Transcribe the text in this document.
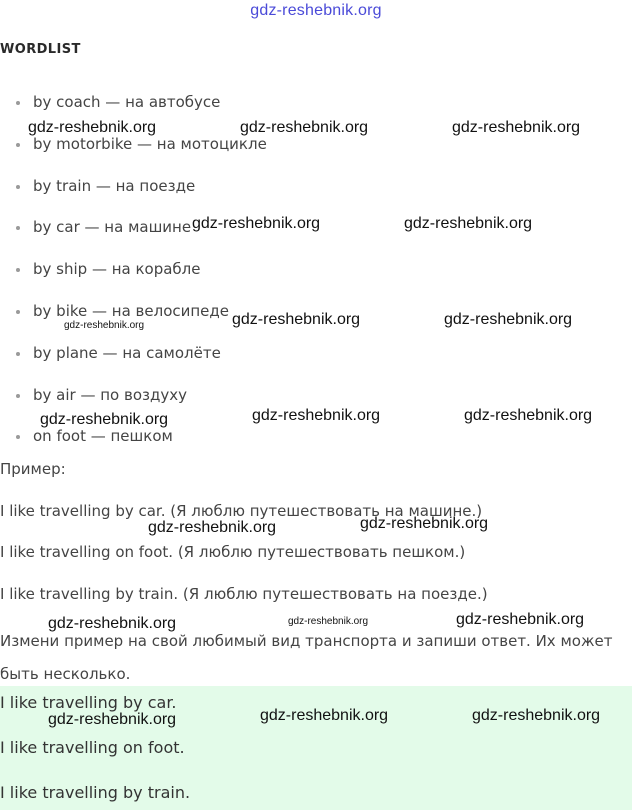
gdz-reshebnik.org
WORDLIST
by coach — на автобусе
by motorbike — на мотоцикле
by train — на поезде
by car — на машине
by ship — на корабле
by bike — на велосипеде
by plane — на самолёте
by air — по воздуху
on foot — пешком

Пример:

I like travelling by car. (Я люблю путешествовать на машине.)

I like travelling on foot. (Я люблю путешествовать пешком.)

I like travelling by train. (Я люблю путешествовать на поезде.)

Измени пример на свой любимый вид транспорта и запиши ответ. Их может быть несколько.

I like travelling by car.

I like travelling on foot.

I like travelling by train.

gdz-reshebnik.org	gdz-reshebnik.org	gdz-reshebnik.org
gdz-reshebnik.org	gdz-reshebnik.org
gdz-reshebnik.org	gdz-reshebnik.org	gdz-reshebnik.org
gdz-reshebnik.org	gdz-reshebnik.org	gdz-reshebnik.org
gdz-reshebnik.org	gdz-reshebnik.org
gdz-reshebnik.org	gdz-reshebnik.org	gdz-reshebnik.org
gdz-reshebnik.org	gdz-reshebnik.org	gdz-reshebnik.org
